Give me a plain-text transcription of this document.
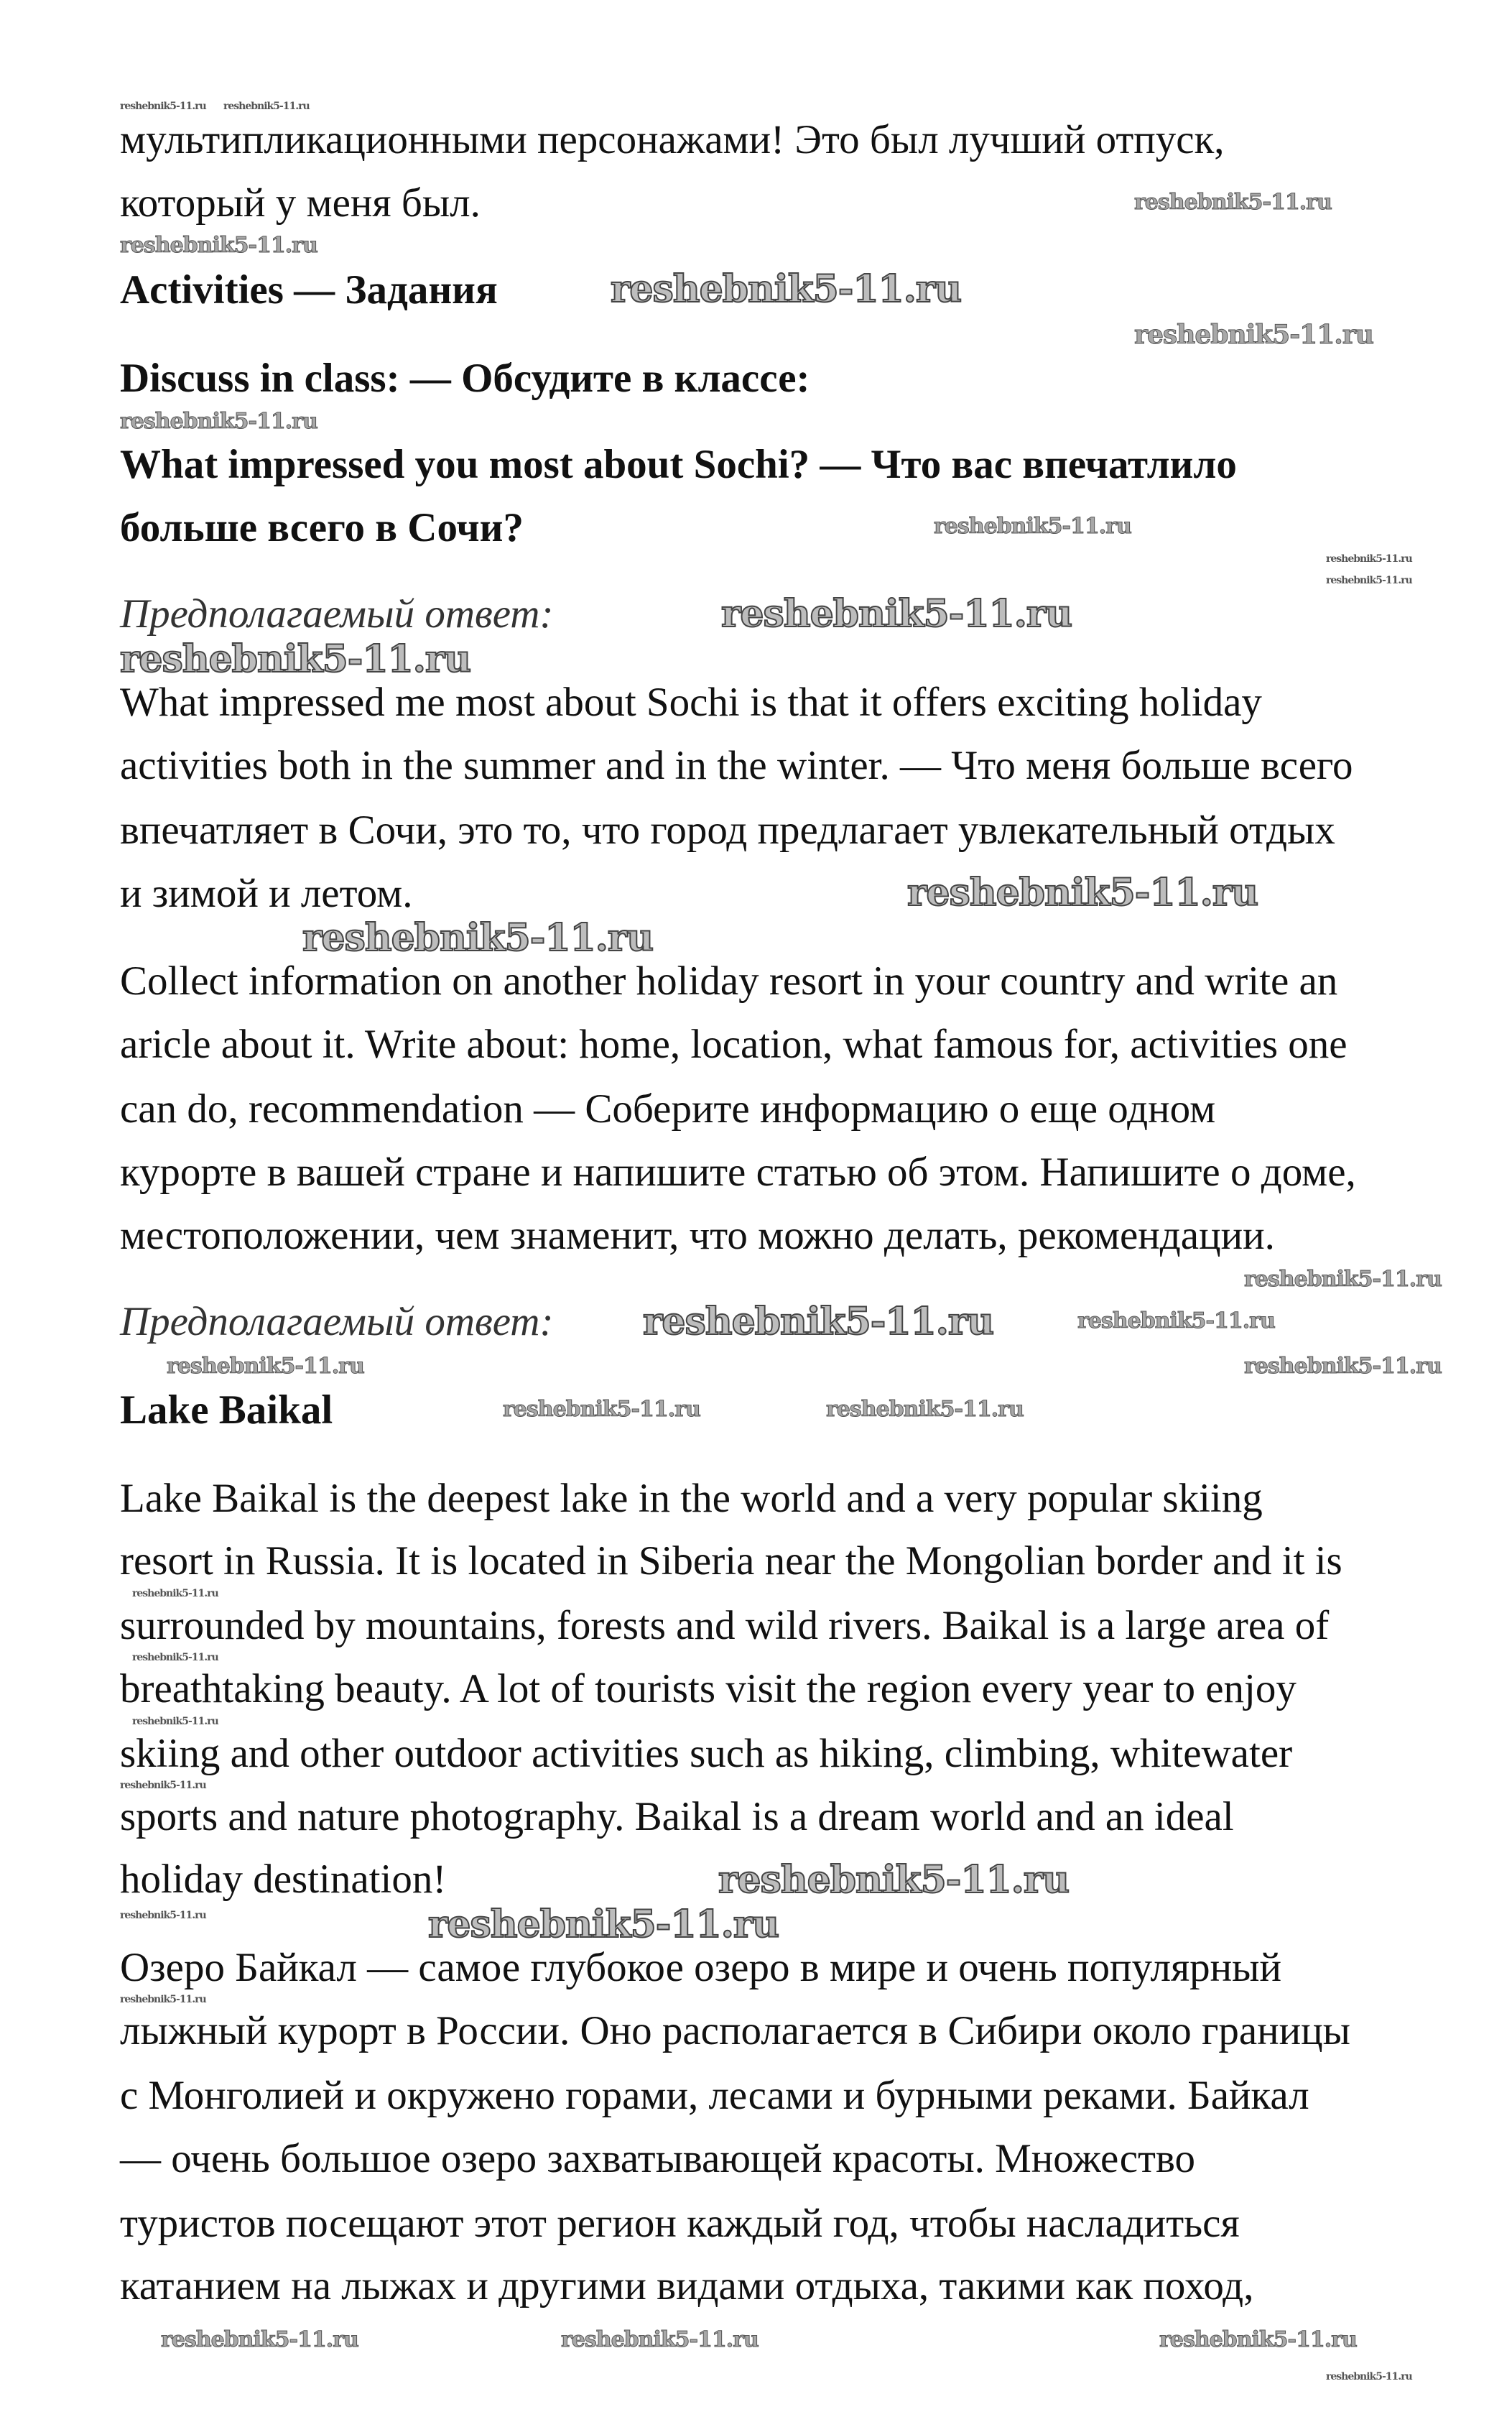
мультипликационными персонажами! Это был лучший отпуск,
который у меня был.
Activities — Задания
Discuss in class: — Обсудите в классе:
What impressed you most about Sochi? — Что вас впечатлило
больше всего в Сочи?
Предполагаемый ответ:
What impressed me most about Sochi is that it offers exciting holiday
activities both in the summer and in the winter. — Что меня больше всего
впечатляет в Сочи, это то, что город предлагает увлекательный отдых
и зимой и летом.
Collect information on another holiday resort in your country and write an
aricle about it. Write about: home, location, what famous for, activities one
can do, recommendation — Соберите информацию о еще одном
курорте в вашей стране и напишите статью об этом. Напишите о доме,
местоположении, чем знаменит, что можно делать, рекомендации.
Предполагаемый ответ:
Lake Baikal
Lake Baikal is the deepest lake in the world and a very popular skiing
resort in Russia. It is located in Siberia near the Mongolian border and it is
surrounded by mountains, forests and wild rivers. Baikal is a large area of
breathtaking beauty. A lot of tourists visit the region every year to enjoy
skiing and other outdoor activities such as hiking, climbing, whitewater
sports and nature photography. Baikal is a dream world and an ideal
holiday destination!
Озеро Байкал — самое глубокое озеро в мире и очень популярный
лыжный курорт в России. Оно располагается в Сибири около границы
с Монголией и окружено горами, лесами и бурными реками. Байкал
— очень большое озеро захватывающей красоты. Множество
туристов посещают этот регион каждый год, чтобы насладиться
катанием на лыжах и другими видами отдыха, такими как поход,
reshebnik5-11.ru reshebnik5-11.ru
reshebnik5-11.ru
reshebnik5-11.ru
reshebnik5-11.ru
reshebnik5-11.ru
reshebnik5-11.ru
reshebnik5-11.ru
reshebnik5-11.ru
reshebnik5-11.ru
reshebnik5-11.ru
reshebnik5-11.ru
reshebnik5-11.ru
reshebnik5-11.ru
reshebnik5-11.ru
reshebnik5-11.ru
reshebnik5-11.ru
reshebnik5-11.ru	reshebnik5-11.ru
reshebnik5-11.ru
reshebnik5-11.ru	reshebnik5-11.ru
reshebnik5-11.ru
reshebnik5-11.ru
reshebnik5-11.ru
reshebnik5-11.ru
reshebnik5-11.ru	reshebnik5-11.ru
reshebnik5-11.ru
reshebnik5-11.ru
reshebnik5-11.ru	reshebnik5-11.ru
reshebnik5-11.ru
